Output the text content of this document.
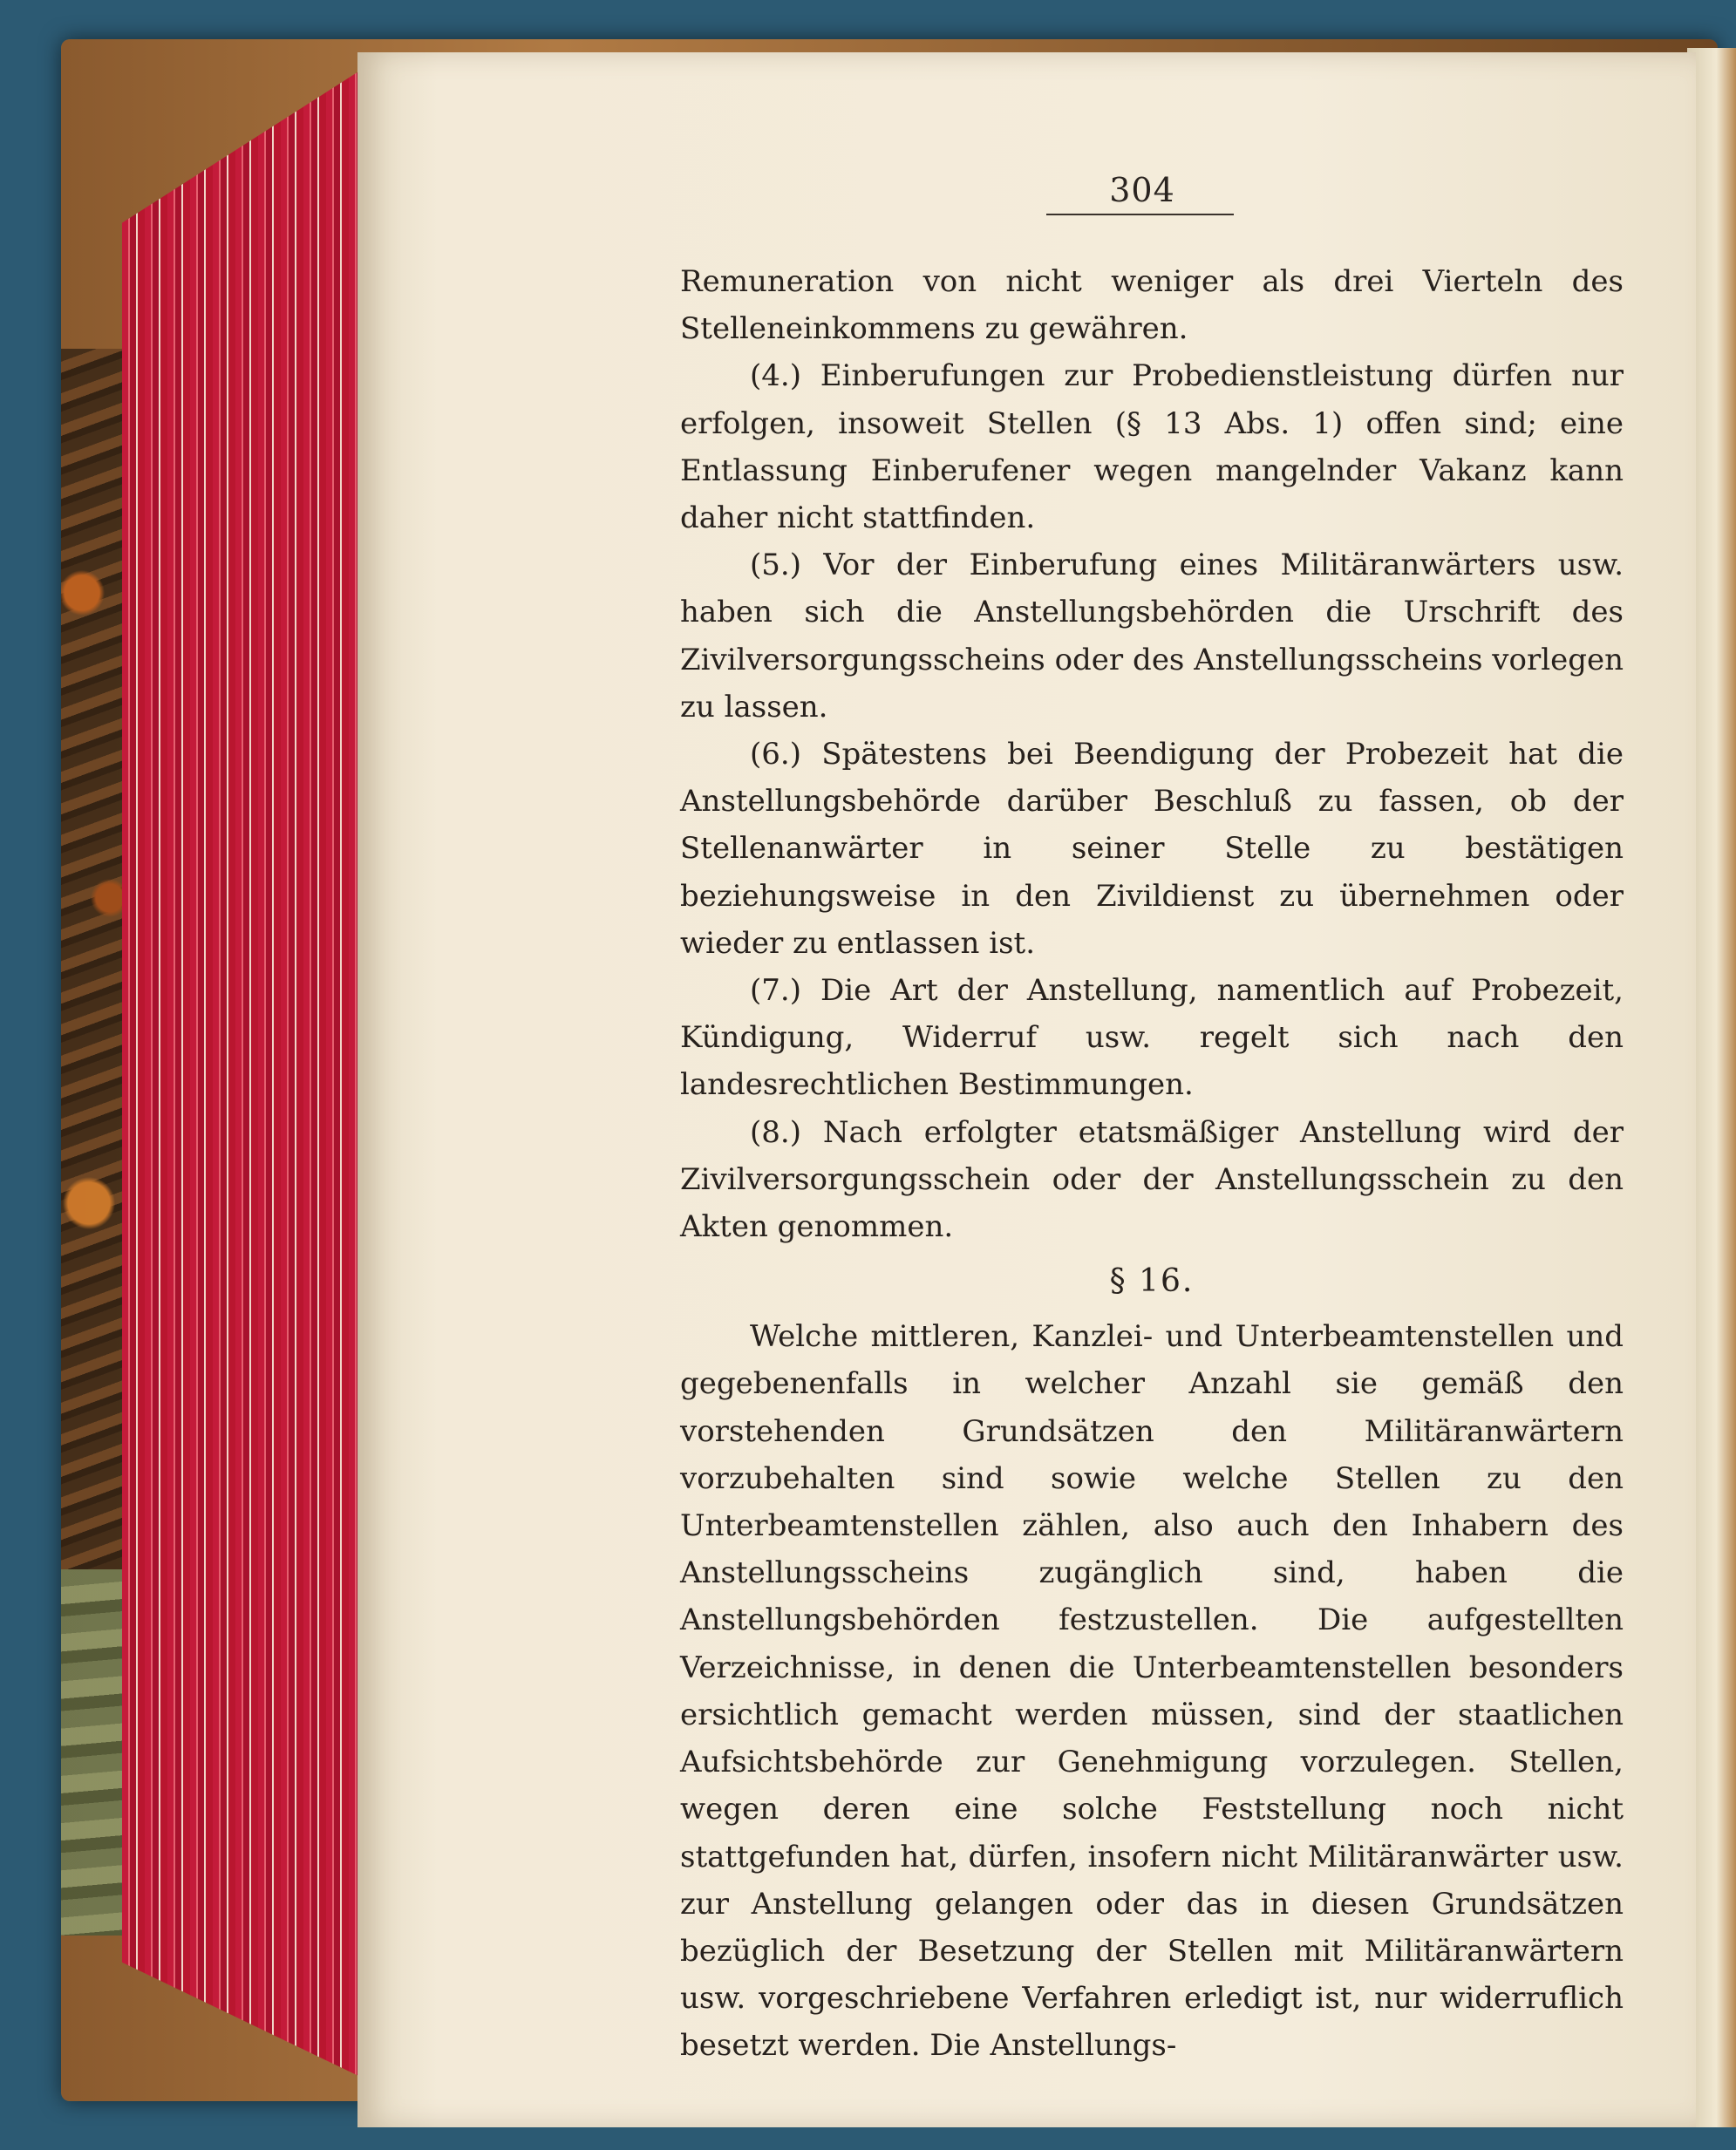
304

Remuneration von nicht weniger als drei Vierteln des Stelleneinkommens zu gewähren.

(4.) Einberufungen zur Probedienstleistung dürfen nur erfolgen, insoweit Stellen (§ 13 Abs. 1) offen sind; eine Entlassung Einberufener wegen mangelnder Vakanz kann daher nicht stattfinden.

(5.) Vor der Einberufung eines Militäranwärters usw. haben sich die Anstellungsbehörden die Urschrift des Zivilversorgungsscheins oder des Anstellungsscheins vorlegen zu lassen.

(6.) Spätestens bei Beendigung der Probezeit hat die Anstellungsbehörde darüber Beschluß zu fassen, ob der Stellenanwärter in seiner Stelle zu bestätigen beziehungsweise in den Zivildienst zu übernehmen oder wieder zu entlassen ist.

(7.) Die Art der Anstellung, namentlich auf Probezeit, Kündigung, Widerruf usw. regelt sich nach den landesrechtlichen Bestimmungen.

(8.) Nach erfolgter etatsmäßiger Anstellung wird der Zivilversorgungsschein oder der Anstellungsschein zu den Akten genommen.

§ 16.

Welche mittleren, Kanzlei- und Unterbeamtenstellen und gegebenenfalls in welcher Anzahl sie gemäß den vorstehenden Grundsätzen den Militäranwärtern vorzubehalten sind sowie welche Stellen zu den Unterbeamtenstellen zählen, also auch den Inhabern des Anstellungsscheins zugänglich sind, haben die Anstellungsbehörden festzustellen. Die aufgestellten Verzeichnisse, in denen die Unterbeamtenstellen besonders ersichtlich gemacht werden müssen, sind der staatlichen Aufsichtsbehörde zur Genehmigung vorzulegen. Stellen, wegen deren eine solche Feststellung noch nicht stattgefunden hat, dürfen, insofern nicht Militäranwärter usw. zur Anstellung gelangen oder das in diesen Grundsätzen bezüglich der Besetzung der Stellen mit Militäranwärtern usw. vorgeschriebene Verfahren erledigt ist, nur widerruflich besetzt werden. Die Anstellungs-
